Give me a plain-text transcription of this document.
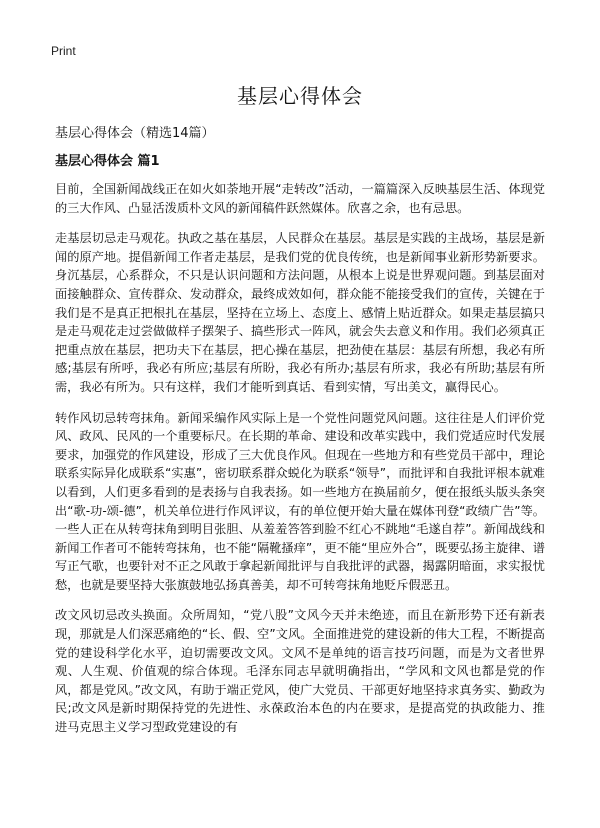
Print
基层心得体会

基层心得体会（精选14篇）

基层心得体会 篇1

目前，全国新闻战线正在如火如荼地开展“走转改”活动，一篇篇深入反映基层生活、体现党的三大作风、凸显活泼质朴文风的新闻稿件跃然媒体。欣喜之余，也有忌思。

走基层切忌走马观花。执政之基在基层，人民群众在基层。基层是实践的主战场，基层是新闻的原产地。提倡新闻工作者走基层，是我们党的优良传统，也是新闻事业新形势新要求。身沉基层，心系群众，不只是认识问题和方法问题，从根本上说是世界观问题。到基层面对面接触群众、宣传群众、发动群众，最终成效如何，群众能不能接受我们的宣传，关键在于我们是不是真正把根扎在基层，坚持在立场上、态度上、感情上贴近群众。如果走基层搞只是走马观花走过尝做做样子摆架子、搞些形式一阵风，就会失去意义和作用。我们必须真正把重点放在基层，把功夫下在基层，把心操在基层，把劲使在基层：基层有所想，我必有所感;基层有所呼，我必有所应;基层有所盼，我必有所办;基层有所求，我必有所助;基层有所需，我必有所为。只有这样，我们才能听到真话、看到实情，写出美文，赢得民心。

转作风切忌转弯抹角。新闻采编作风实际上是一个党性问题党风问题。这往往是人们评价党风、政风、民风的一个重要标尺。在长期的革命、建设和改革实践中，我们党适应时代发展要求，加强党的作风建设，形成了三大优良作风。但现在一些地方和有些党员干部中，理论联系实际异化成联系“实惠”，密切联系群众蜕化为联系“领导”，而批评和自我批评根本就难以看到，人们更多看到的是表扬与自我表扬。如一些地方在换届前夕，便在报纸头版头条突出“歌-功-颂-德”，机关单位进行作风评议，有的单位便开始大量在媒体刊登“政绩广告”等。一些人正在从转弯抹角到明目张胆、从羞羞答答到脸不红心不跳地“毛遂自荐”。新闻战线和新闻工作者可不能转弯抹角，也不能“隔靴搔痒”，更不能“里应外合”，既要弘扬主旋律、谱写正气歌，也要针对不正之风敢于拿起新闻批评与自我批评的武器，揭露阴暗面，求实报忧愁，也就是要坚持大张旗鼓地弘扬真善美，却不可转弯抹角地贬斥假恶丑。

改文风切忌改头换面。众所周知，“党八股”文风今天并未绝迹，而且在新形势下还有新表现，那就是人们深恶痛绝的“长、假、空”文风。全面推进党的建设新的伟大工程，不断提高党的建设科学化水平，迫切需要改文风。文风不是单纯的语言技巧问题，而是为文者世界观、人生观、价值观的综合体现。毛泽东同志早就明确指出，“学风和文风也都是党的作风，都是党风。”改文风，有助于端正党风，使广大党员、干部更好地坚持求真务实、勤政为民;改文风是新时期保持党的先进性、永葆政治本色的内在要求，是提高党的执政能力、推进马克思主义学习型政党建设的有
